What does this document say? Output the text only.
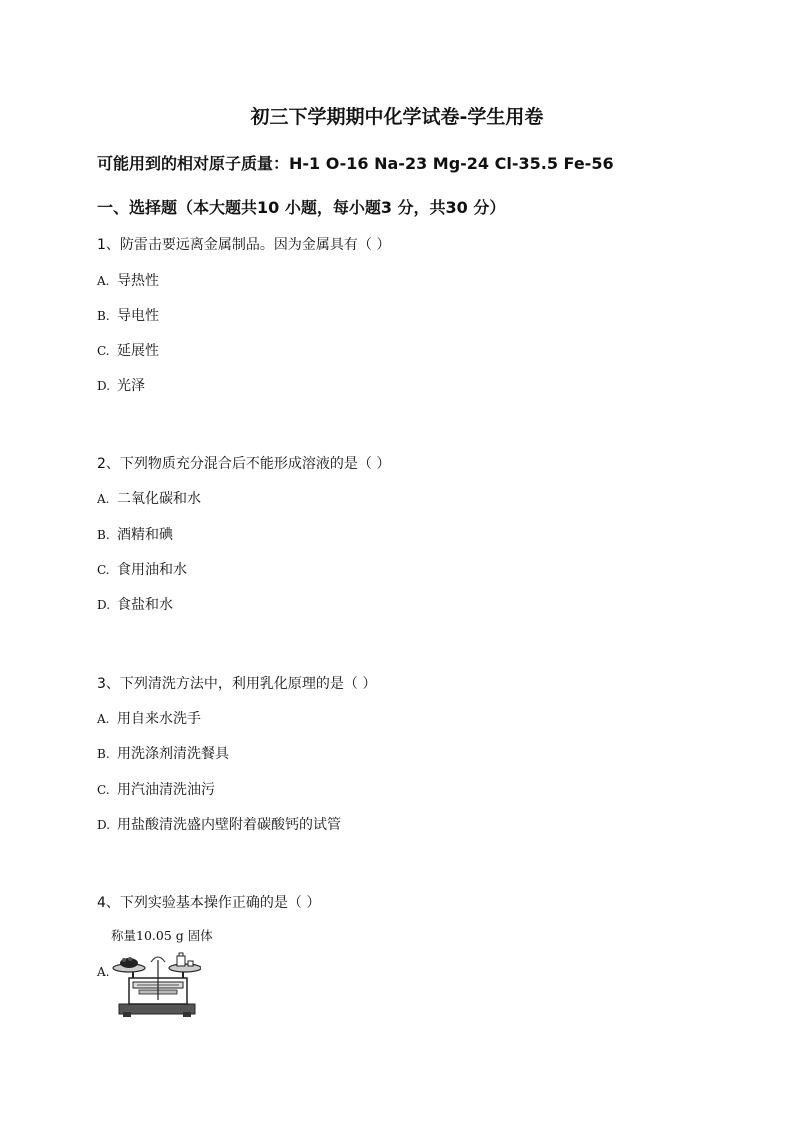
初三下学期期中化学试卷-学生用卷
可能用到的相对原子质量：H-1 O-16 Na-23 Mg-24 Cl-35.5 Fe-56
一、选择题（本大题共10 小题，每小题3 分，共30 分）
1、防雷击要远离金属制品。因为金属具有（ ）
A. 导热性
B. 导电性
C. 延展性
D. 光泽
2、下列物质充分混合后不能形成溶液的是（ ）
A. 二氧化碳和水
B. 酒精和碘
C. 食用油和水
D. 食盐和水
3、下列清洗方法中，利用乳化原理的是（ ）
A. 用自来水洗手
B. 用洗涤剂清洗餐具
C. 用汽油清洗油污
D. 用盐酸清洗盛内壁附着碳酸钙的试管
4、下列实验基本操作正确的是（ ）
称量10.05 g 固体
A.
